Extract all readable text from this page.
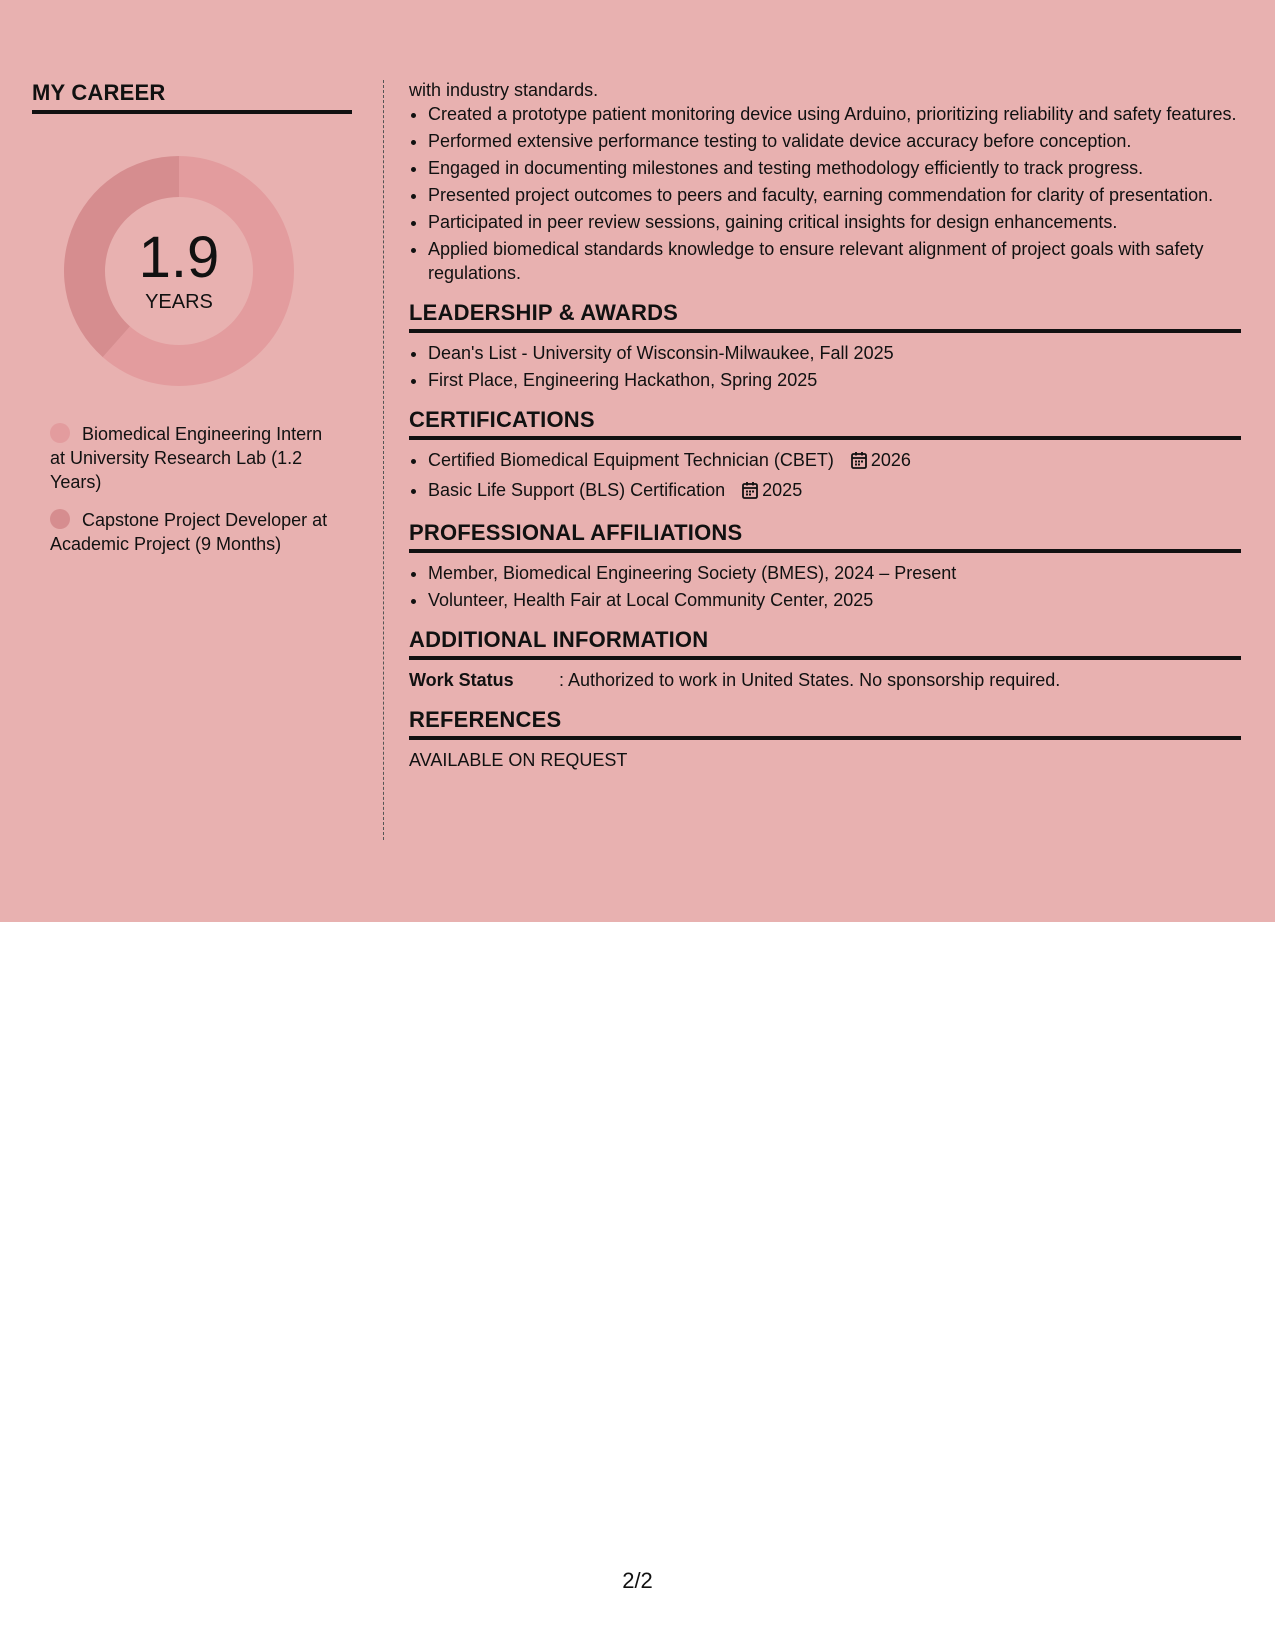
MY CAREER
1.9
YEARS
Biomedical Engineering Intern at University Research Lab (1.2 Years)
Capstone Project Developer at Academic Project (9 Months)

with industry standards.

• Created a prototype patient monitoring device using Arduino, prioritizing reliability and safety features.
• Performed extensive performance testing to validate device accuracy before conception.
• Engaged in documenting milestones and testing methodology efficiently to track progress.
• Presented project outcomes to peers and faculty, earning commendation for clarity of presentation.
• Participated in peer review sessions, gaining critical insights for design enhancements.
• Applied biomedical standards knowledge to ensure relevant alignment of project goals with safety regulations.
LEADERSHIP & AWARDS
• Dean's List - University of Wisconsin-Milwaukee, Fall 2025
• First Place, Engineering Hackathon, Spring 2025
CERTIFICATIONS
• Certified Biomedical Equipment Technician (CBET) 2026
• Basic Life Support (BLS) Certification 2025
PROFESSIONAL AFFILIATIONS
• Member, Biomedical Engineering Society (BMES), 2024 – Present
• Volunteer, Health Fair at Local Community Center, 2025
ADDITIONAL INFORMATION
Work Status	: Authorized to work in United States. No sponsorship required.
REFERENCES

AVAILABLE ON REQUEST

2/2
